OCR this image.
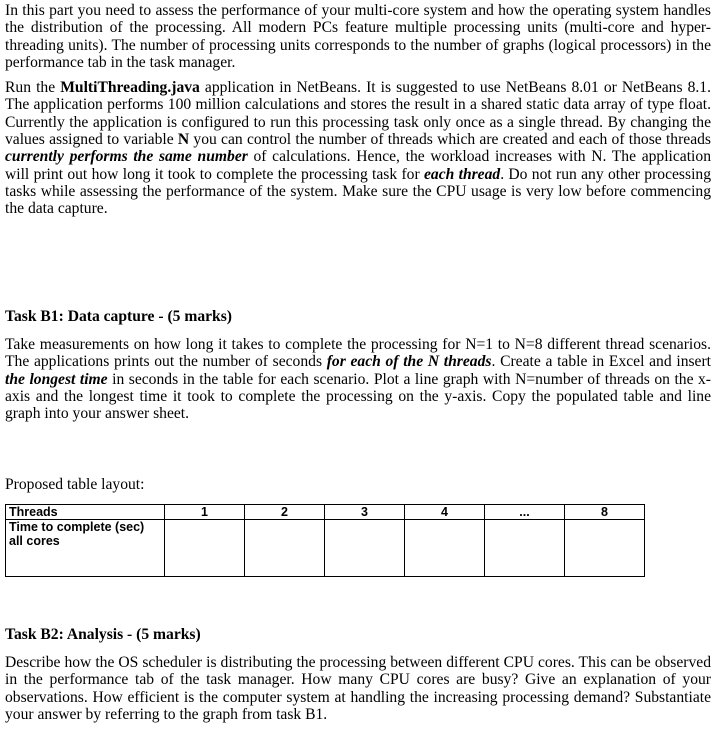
In this part you need to assess the performance of your multi-core system and how the operating system handles the distribution of the processing. All modern PCs feature multiple processing units (multi-core and hyper-threading units). The number of processing units corresponds to the number of graphs (logical processors) in the performance tab in the task manager.

Run the MultiThreading.java application in NetBeans. It is suggested to use NetBeans 8.01 or NetBeans 8.1. The application performs 100 million calculations and stores the result in a shared static data array of type float. Currently the application is configured to run this processing task only once as a single thread. By changing the values assigned to variable N you can control the number of threads which are created and each of those threads currently performs the same number of calculations. Hence, the workload increases with N. The application will print out how long it took to complete the processing task for each thread. Do not run any other processing tasks while assessing the performance of the system. Make sure the CPU usage is very low before commencing the data capture.

Task B1: Data capture - (5 marks)

Take measurements on how long it takes to complete the processing for N=1 to N=8 different thread scenarios. The applications prints out the number of seconds for each of the N threads. Create a table in Excel and insert the longest time in seconds in the table for each scenario. Plot a line graph with N=number of threads on the x-axis and the longest time it took to complete the processing on the y-axis. Copy the populated table and line graph into your answer sheet.

Proposed table layout:

Threads	1	2	3	4	...	8
Time to complete (sec) all cores						
Task B2: Analysis - (5 marks)

Describe how the OS scheduler is distributing the processing between different CPU cores. This can be observed in the performance tab of the task manager. How many CPU cores are busy? Give an explanation of your observations. How efficient is the computer system at handling the increasing processing demand? Substantiate your answer by referring to the graph from task B1.
